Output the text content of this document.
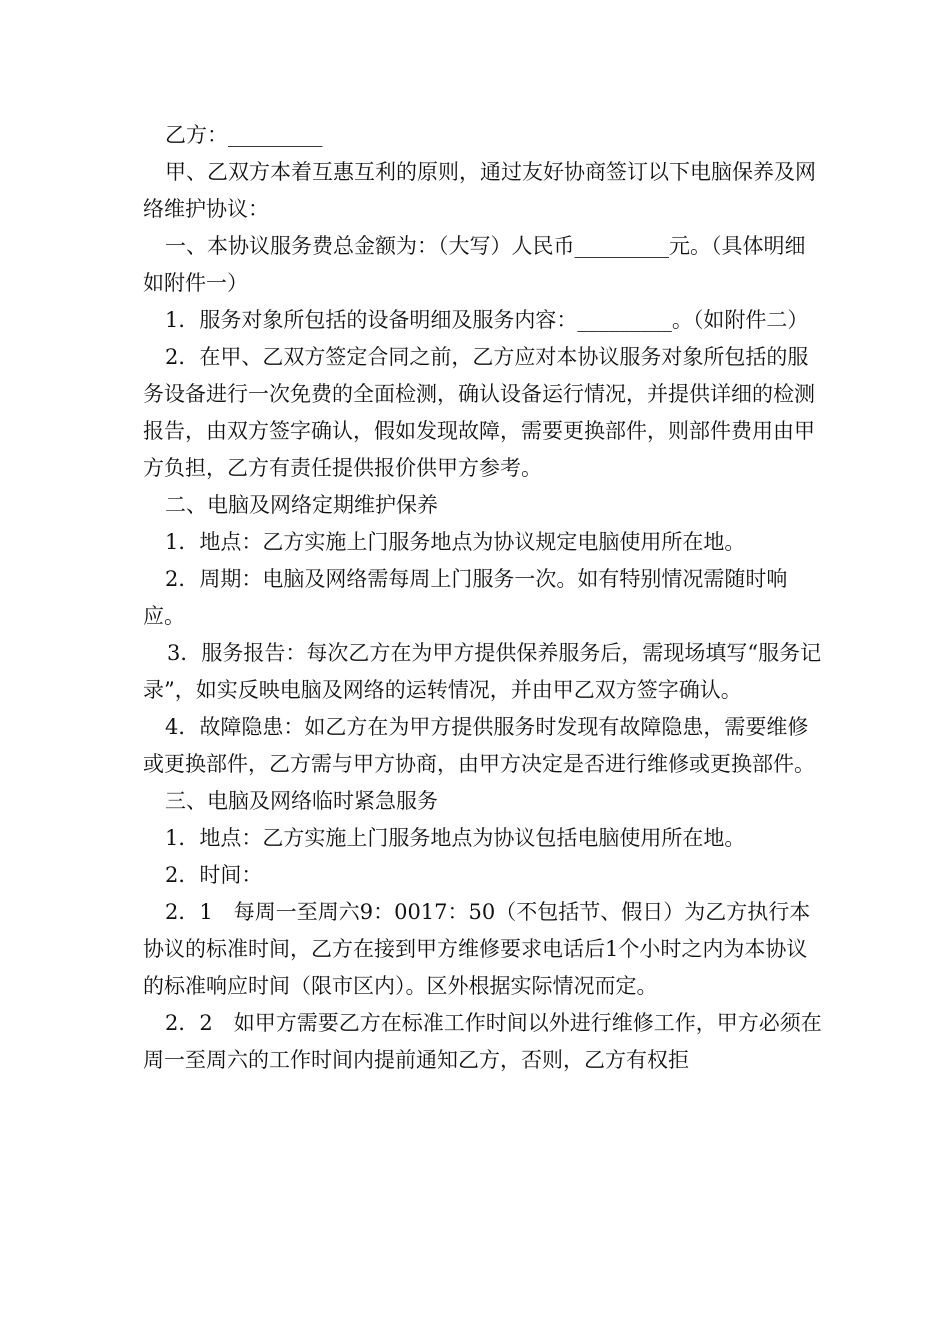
乙方：_________

甲、乙双方本着互惠互利的原则，通过友好协商签订以下电脑保养及网络维护协议：

一、本协议服务费总金额为：（大写）人民币_________元。（具体明细如附件一）

1．服务对象所包括的设备明细及服务内容：_________。（如附件二）

2．在甲、乙双方签定合同之前，乙方应对本协议服务对象所包括的服务设备进行一次免费的全面检测，确认设备运行情况，并提供详细的检测报告，由双方签字确认，假如发现故障，需要更换部件，则部件费用由甲方负担，乙方有责任提供报价供甲方参考。

二、电脑及网络定期维护保养

1．地点：乙方实施上门服务地点为协议规定电脑使用所在地。

2．周期：电脑及网络需每周上门服务一次。如有特别情况需随时响应。

3．服务报告：每次乙方在为甲方提供保养服务后，需现场填写“服务记录”，如实反映电脑及网络的运转情况，并由甲乙双方签字确认。

4．故障隐患：如乙方在为甲方提供服务时发现有故障隐患，需要维修或更换部件，乙方需与甲方协商，由甲方决定是否进行维修或更换部件。

三、电脑及网络临时紧急服务

1．地点：乙方实施上门服务地点为协议包括电脑使用所在地。

2．时间：

2．1　每周一至周六9：0017：50（不包括节、假日）为乙方执行本协议的标准时间，乙方在接到甲方维修要求电话后1个小时之内为本协议的标准响应时间（限市区内）。区外根据实际情况而定。

2．2　如甲方需要乙方在标准工作时间以外进行维修工作，甲方必须在周一至周六的工作时间内提前通知乙方，否则，乙方有权拒
